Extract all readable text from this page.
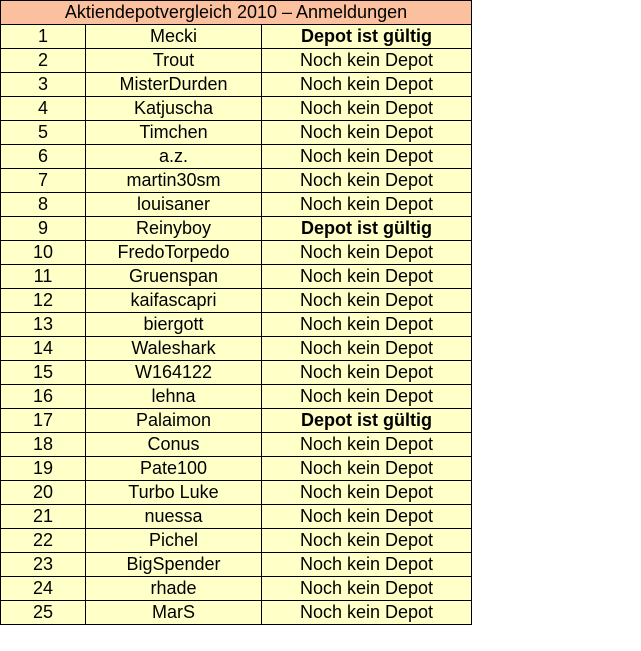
Aktiendepotvergleich 2010 – Anmeldungen		
1	Mecki	Depot ist gültig
2	Trout	Noch kein Depot
3	MisterDurden	Noch kein Depot
4	Katjuscha	Noch kein Depot
5	Timchen	Noch kein Depot
6	a.z.	Noch kein Depot
7	martin30sm	Noch kein Depot
8	louisaner	Noch kein Depot
9	Reinyboy	Depot ist gültig
10	FredoTorpedo	Noch kein Depot
11	Gruenspan	Noch kein Depot
12	kaifascapri	Noch kein Depot
13	biergott	Noch kein Depot
14	Waleshark	Noch kein Depot
15	W164122	Noch kein Depot
16	lehna	Noch kein Depot
17	Palaimon	Depot ist gültig
18	Conus	Noch kein Depot
19	Pate100	Noch kein Depot
20	Turbo Luke	Noch kein Depot
21	nuessa	Noch kein Depot
22	Pichel	Noch kein Depot
23	BigSpender	Noch kein Depot
24	rhade	Noch kein Depot
25	MarS	Noch kein Depot
